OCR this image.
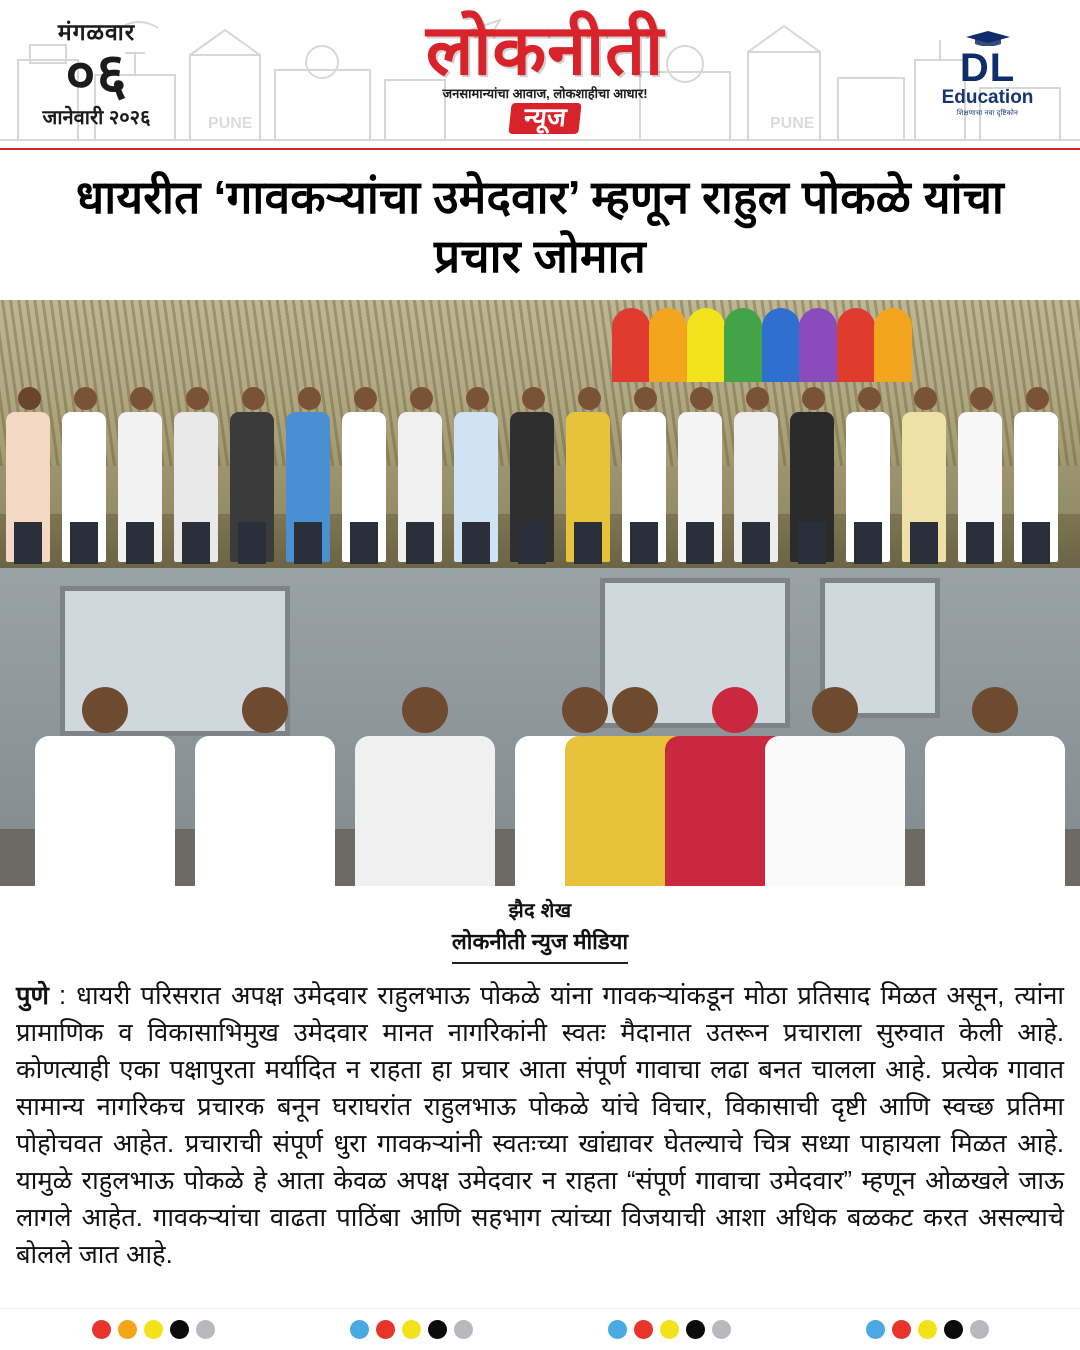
PUNE	PUNE
मंगळवार
०६
जानेवारी २०२६
लोकनीती
जनसामान्यांचा आवाज, लोकशाहीचा आधार!
न्यूज
DL
Education
शिक्षणाचा नवा दृष्टिकोन
धायरीत ‘गावकऱ्यांचा उमेदवार’ म्हणून राहुल पोकळे यांचा प्रचार जोमात
झैद शेख
लोकनीती न्युज मीडिया
पुणे : धायरी परिसरात अपक्ष उमेदवार राहुलभाऊ पोकळे यांना गावकऱ्यांकडून मोठा प्रतिसाद मिळत असून, त्यांना प्रामाणिक व विकासाभिमुख उमेदवार मानत नागरिकांनी स्वतः मैदानात उतरून प्रचाराला सुरुवात केली आहे. कोणत्याही एका पक्षापुरता मर्यादित न राहता हा प्रचार आता संपूर्ण गावाचा लढा बनत चालला आहे. प्रत्येक गावात सामान्य नागरिकच प्रचारक बनून घराघरांत राहुलभाऊ पोकळे यांचे विचार, विकासाची दृष्टी आणि स्वच्छ प्रतिमा पोहोचवत आहेत. प्रचाराची संपूर्ण धुरा गावकऱ्यांनी स्वतःच्या खांद्यावर घेतल्याचे चित्र सध्या पाहायला मिळत आहे. यामुळे राहुलभाऊ पोकळे हे आता केवळ अपक्ष उमेदवार न राहता “संपूर्ण गावाचा उमेदवार” म्हणून ओळखले जाऊ लागले आहेत. गावकऱ्यांचा वाढता पाठिंबा आणि सहभाग त्यांच्या विजयाची आशा अधिक बळकट करत असल्याचे बोलले जात आहे.
